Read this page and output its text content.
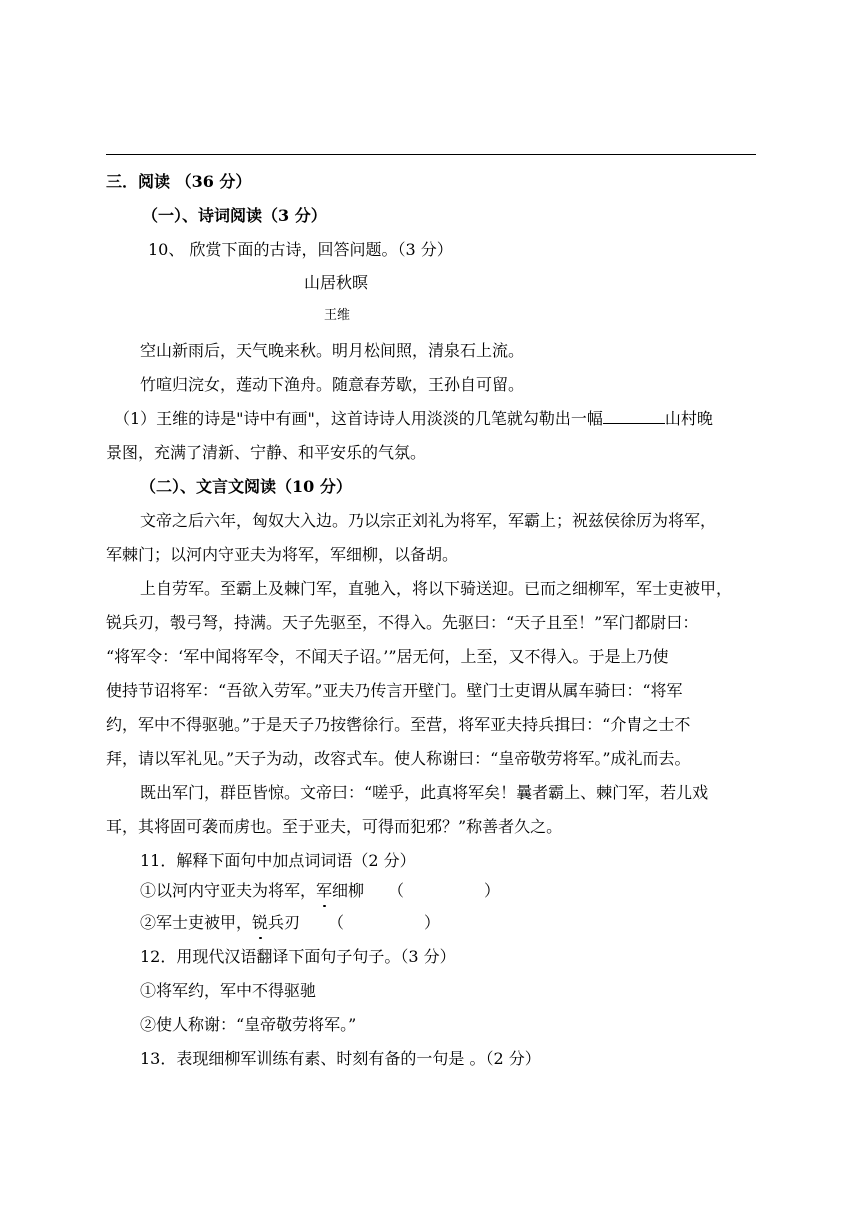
三．阅读 （36 分）
（一）、诗词阅读（3 分）
10、 欣赏下面的古诗，回答问题。（3 分）
山居秋暝
王维
空山新雨后，天气晚来秋。明月松间照，清泉石上流。
竹喧归浣女，莲动下渔舟。随意春芳歇，王孙自可留。
（1）王维的诗是"诗中有画"，这首诗诗人用淡淡的几笔就勾勒出一幅	山村晚
景图，充满了清新、宁静、和平安乐的气氛。
（二）、文言文阅读（10 分）
文帝之后六年，匈奴大入边。乃以宗正刘礼为将军，军霸上；祝兹侯徐厉为将军，
军棘门；以河内守亚夫为将军，军细柳，以备胡。
上自劳军。至霸上及棘门军，直驰入，将以下骑送迎。已而之细柳军，军士吏被甲，
锐兵刃，彀弓弩，持满。天子先驱至，不得入。先驱曰：“天子且至！”军门都尉曰：
“将军令：‘军中闻将军令，不闻天子诏。’”居无何，上至，又不得入。于是上乃使
使持节诏将军：“吾欲入劳军。”亚夫乃传言开壁门。壁门士吏谓从属车骑曰：“将军
约，军中不得驱驰。”于是天子乃按辔徐行。至营，将军亚夫持兵揖曰：“介胄之士不
拜，请以军礼见。”天子为动，改容式车。使人称谢曰：“皇帝敬劳将军。”成礼而去。
既出军门，群臣皆惊。文帝曰：“嗟乎，此真将军矣！曩者霸上、棘门军，若儿戏
耳，其将固可袭而虏也。至于亚夫，可得而犯邪？”称善者久之。
11．解释下面句中加点词词语（2 分）
①以河内守亚夫为将军，军细柳 （　　　　　）
②军士吏被甲，锐兵刃 （　　　　　）
12．用现代汉语翻译下面句子句子。（3 分）
①将军约，军中不得驱驰
②使人称谢：“皇帝敬劳将军。”
13．表现细柳军训练有素、时刻有备的一句是 。（2 分）
